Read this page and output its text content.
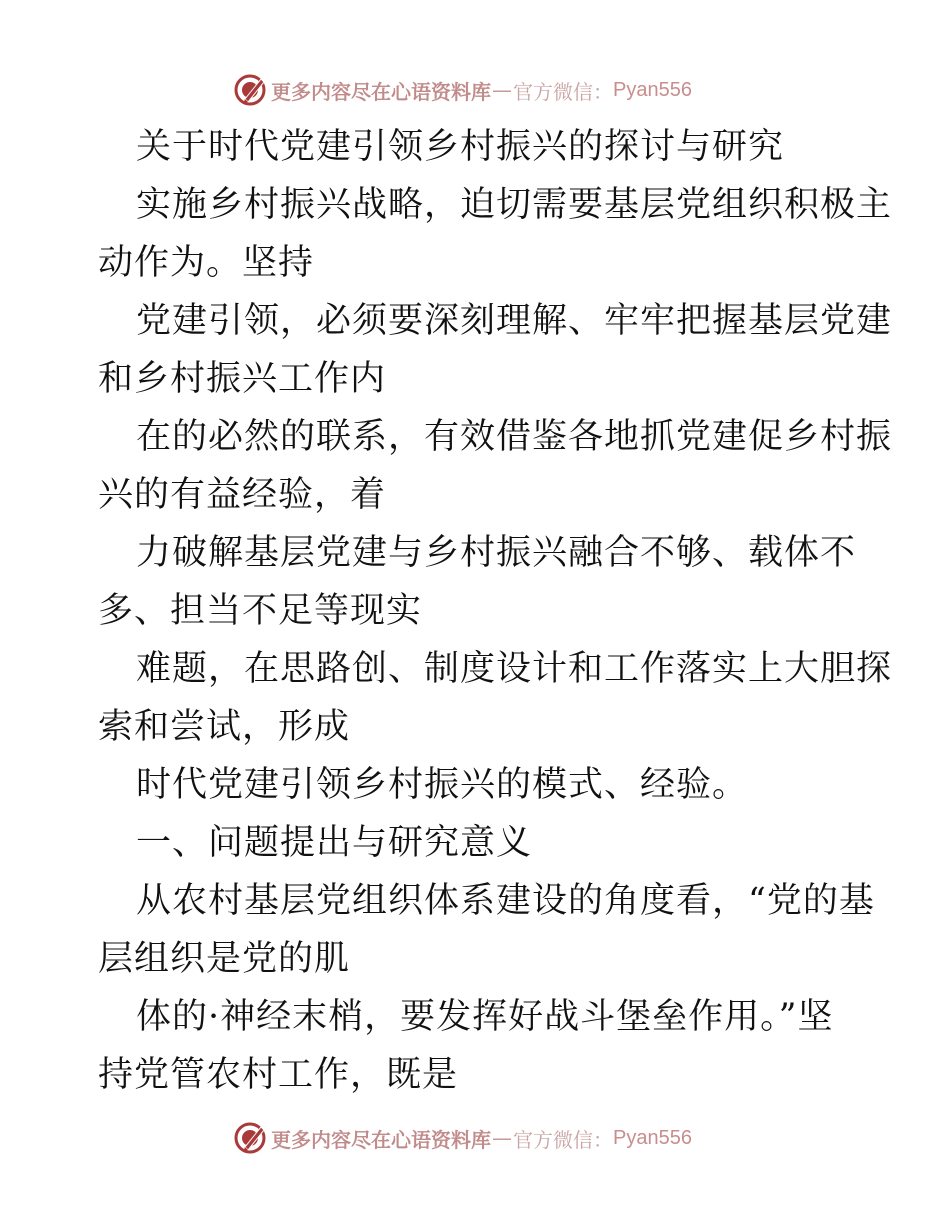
更多内容尽在心语资料库 — 官方微信： Pyan556
关于时代党建引领乡村振兴的探讨与研究
实施乡村振兴战略，迫切需要基层党组织积极主
动作为。坚持
党建引领，必须要深刻理解、牢牢把握基层党建
和乡村振兴工作内
在的必然的联系，有效借鉴各地抓党建促乡村振
兴的有益经验，着
力破解基层党建与乡村振兴融合不够、载体不
多、担当不足等现实
难题，在思路创、制度设计和工作落实上大胆探
索和尝试，形成
时代党建引领乡村振兴的模式、经验。
一、问题提出与研究意义
从农村基层党组织体系建设的角度看，“党的基
层组织是党的肌
体的·神经末梢，要发挥好战斗堡垒作用。”坚
持党管农村工作，既是
更多内容尽在心语资料库 — 官方微信： Pyan556
